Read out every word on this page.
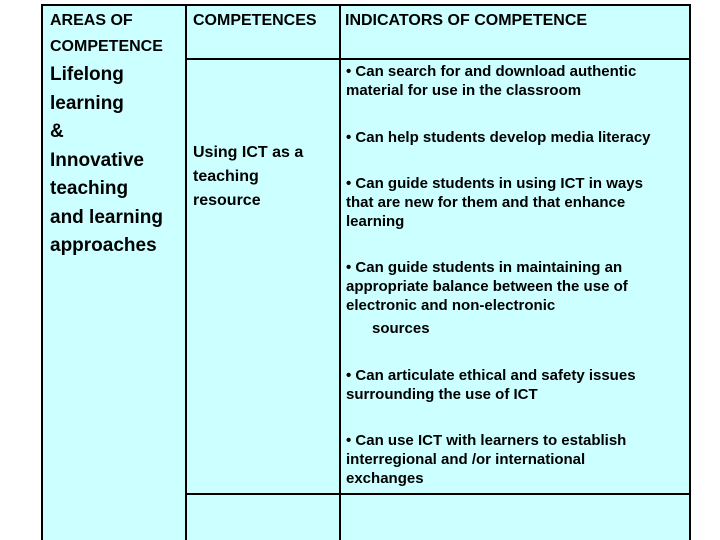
AREAS OF
COMPETENCE
COMPETENCES INDICATORS OF COMPETENCE
Lifelong
learning
&
Innovative
teaching
and learning
approaches
Using ICT as a
teaching
resource
• Can search for and download authentic material for use in the classroom
• Can help students develop media literacy
• Can guide students in using ICT in ways that are new for them and that enhance learning
• Can guide students in maintaining an appropriate balance between the use of electronic and non-electronic
sources
• Can articulate ethical and safety issues surrounding the use of ICT
• Can use ICT with learners to establish interregional and /or international exchanges
